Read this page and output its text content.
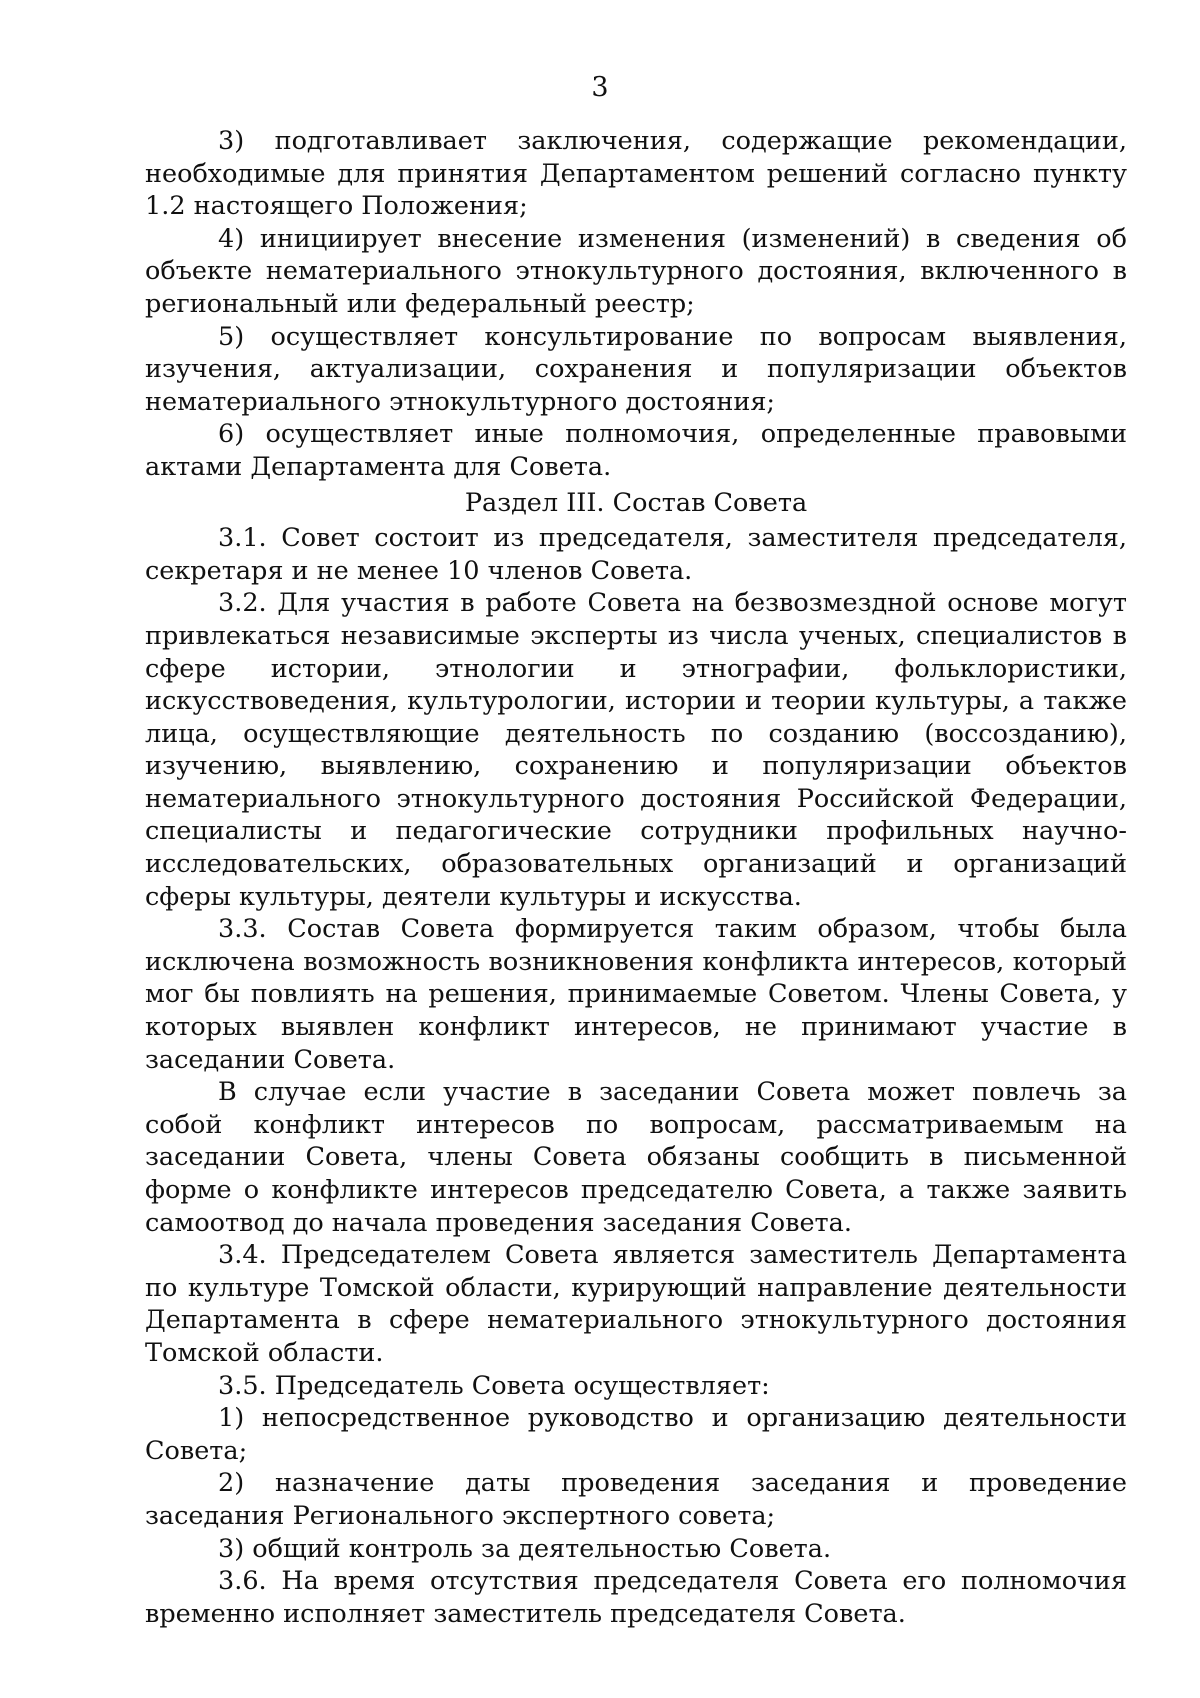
3

3) подготавливает заключения, содержащие рекомендации, необходимые для принятия Департаментом решений согласно пункту 1.2 настоящего Положения;

4) инициирует внесение изменения (изменений) в сведения об объекте нематериального этнокультурного достояния, включенного в региональный или федеральный реестр;

5) осуществляет консультирование по вопросам выявления, изучения, актуализации, сохранения и популяризации объектов нематериального этнокультурного достояния;

6) осуществляет иные полномочия, определенные правовыми актами Департамента для Совета.

Раздел III. Состав Совета

3.1. Совет состоит из председателя, заместителя председателя, секретаря и не менее 10 членов Совета.

3.2. Для участия в работе Совета на безвозмездной основе могут привлекаться независимые эксперты из числа ученых, специалистов в сфере истории, этнологии и этнографии, фольклористики, искусствоведения, культурологии, истории и теории культуры, а также лица, осуществляющие деятельность по созданию (воссозданию), изучению, выявлению, сохранению и популяризации объектов нематериального этнокультурного достояния Российской Федерации, специалисты и педагогические сотрудники профильных научно-исследовательских, образовательных организаций и организаций сферы культуры, деятели культуры и искусства.

3.3. Состав Совета формируется таким образом, чтобы была исключена возможность возникновения конфликта интересов, который мог бы повлиять на решения, принимаемые Советом. Члены Совета, у которых выявлен конфликт интересов, не принимают участие в заседании Совета.

В случае если участие в заседании Совета может повлечь за собой конфликт интересов по вопросам, рассматриваемым на заседании Совета, члены Совета обязаны сообщить в письменной форме о конфликте интересов председателю Совета, а также заявить самоотвод до начала проведения заседания Совета.

3.4. Председателем Совета является заместитель Департамента по культуре Томской области, курирующий направление деятельности Департамента в сфере нематериального этнокультурного достояния Томской области.

3.5. Председатель Совета осуществляет:

1) непосредственное руководство и организацию деятельности Совета;

2) назначение даты проведения заседания и проведение заседания Регионального экспертного совета;

3) общий контроль за деятельностью Совета.

3.6. На время отсутствия председателя Совета его полномочия временно исполняет заместитель председателя Совета.
